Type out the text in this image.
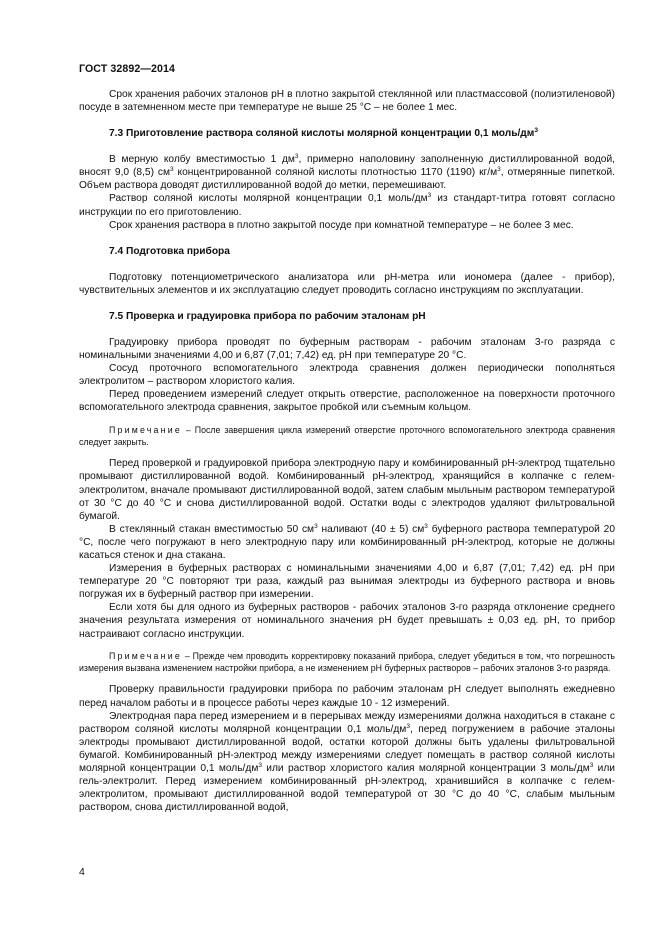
ГОСТ 32892—2014

Срок хранения рабочих эталонов рН в плотно закрытой стеклянной или пластмассовой (полиэтиленовой) посуде в затемненном месте при температуре не выше 25 °С – не более 1 мес.

7.3 Приготовление раствора соляной кислоты молярной концентрации 0,1 моль/$дм^3$

В мерную колбу вместимостью 1 $дм^3$, примерно наполовину заполненную дистиллированной водой, вносят 9,0 (8,5) $см^3$ концентрированной соляной кислоты плотностью 1170 (1190) $кг/м^3$, отмерянные пипеткой. Объем раствора доводят дистиллированной водой до метки, перемешивают.

Раствор соляной кислоты молярной концентрации 0,1 моль/$дм^3$ из стандарт-титра готовят согласно инструкции по его приготовлению.

Срок хранения раствора в плотно закрытой посуде при комнатной температуре – не более 3 мес.

7.4 Подготовка прибора

Подготовку потенциометрического анализатора или рН-метра или иономера (далее - прибор), чувствительных элементов и их эксплуатацию следует проводить согласно инструкциям по эксплуатации.

7.5 Проверка и градуировка прибора по рабочим эталонам рН

Градуировку прибора проводят по буферным растворам - рабочим эталонам 3-го разряда с номинальными значениями 4,00 и 6,87 (7,01; 7,42) ед. рН при температуре 20 °С.

Сосуд проточного вспомогательного электрода сравнения должен периодически пополняться электролитом – раствором хлористого калия.

Перед проведением измерений следует открыть отверстие, расположенное на поверхности проточного вспомогательного электрода сравнения, закрытое пробкой или съемным кольцом.

Примечание – После завершения цикла измерений отверстие проточного вспомогательного электрода сравнения следует закрыть.

Перед проверкой и градуировкой прибора электродную пару и комбинированный рН-электрод тщательно промывают дистиллированной водой. Комбинированный рН-электрод, хранящийся в колпачке с гелем-электролитом, вначале промывают дистиллированной водой, затем слабым мыльным раствором температурой от 30 °С до 40 °С и снова дистиллированной водой. Остатки воды с электродов удаляют фильтровальной бумагой.

В стеклянный стакан вместимостью 50 $см^3$ наливают (40 ± 5) $см^3$ буферного раствора температурой 20 °С, после чего погружают в него электродную пару или комбинированный рН-электрод, которые не должны касаться стенок и дна стакана.

Измерения в буферных растворах с номинальными значениями 4,00 и 6,87 (7,01; 7,42) ед. рН при температуре 20 °С повторяют три раза, каждый раз вынимая электроды из буферного раствора и вновь погружая их в буферный раствор при измерении.

Если хотя бы для одного из буферных растворов - рабочих эталонов 3-го разряда отклонение среднего значения результата измерения от номинального значения рН будет превышать ± 0,03 ед. рН, то прибор настраивают согласно инструкции.

Примечание – Прежде чем проводить корректировку показаний прибора, следует убедиться в том, что погрешность измерения вызвана изменением настройки прибора, а не изменением рН буферных растворов – рабочих эталонов 3-го разряда.

Проверку правильности градуировки прибора по рабочим эталонам рН следует выполнять ежедневно перед началом работы и в процессе работы через каждые 10 - 12 измерений.

Электродная пара перед измерением и в перерывах между измерениями должна находиться в стакане с раствором соляной кислоты молярной концентрации 0,1 моль/$дм^3$, перед погружением в рабочие эталоны электроды промывают дистиллированной водой, остатки которой должны быть удалены фильтровальной бумагой. Комбинированный рН-электрод между измерениями следует помещать в раствор соляной кислоты молярной концентрации 0,1 моль/$дм^3$ или раствор хлористого калия молярной концентрации 3 моль/$дм^3$ или гель-электролит. Перед измерением комбинированный рН-электрод, хранившийся в колпачке с гелем-электролитом, промывают дистиллированной водой температурой от 30 °С до 40 °С, слабым мыльным раствором, снова дистиллированной водой,

4
